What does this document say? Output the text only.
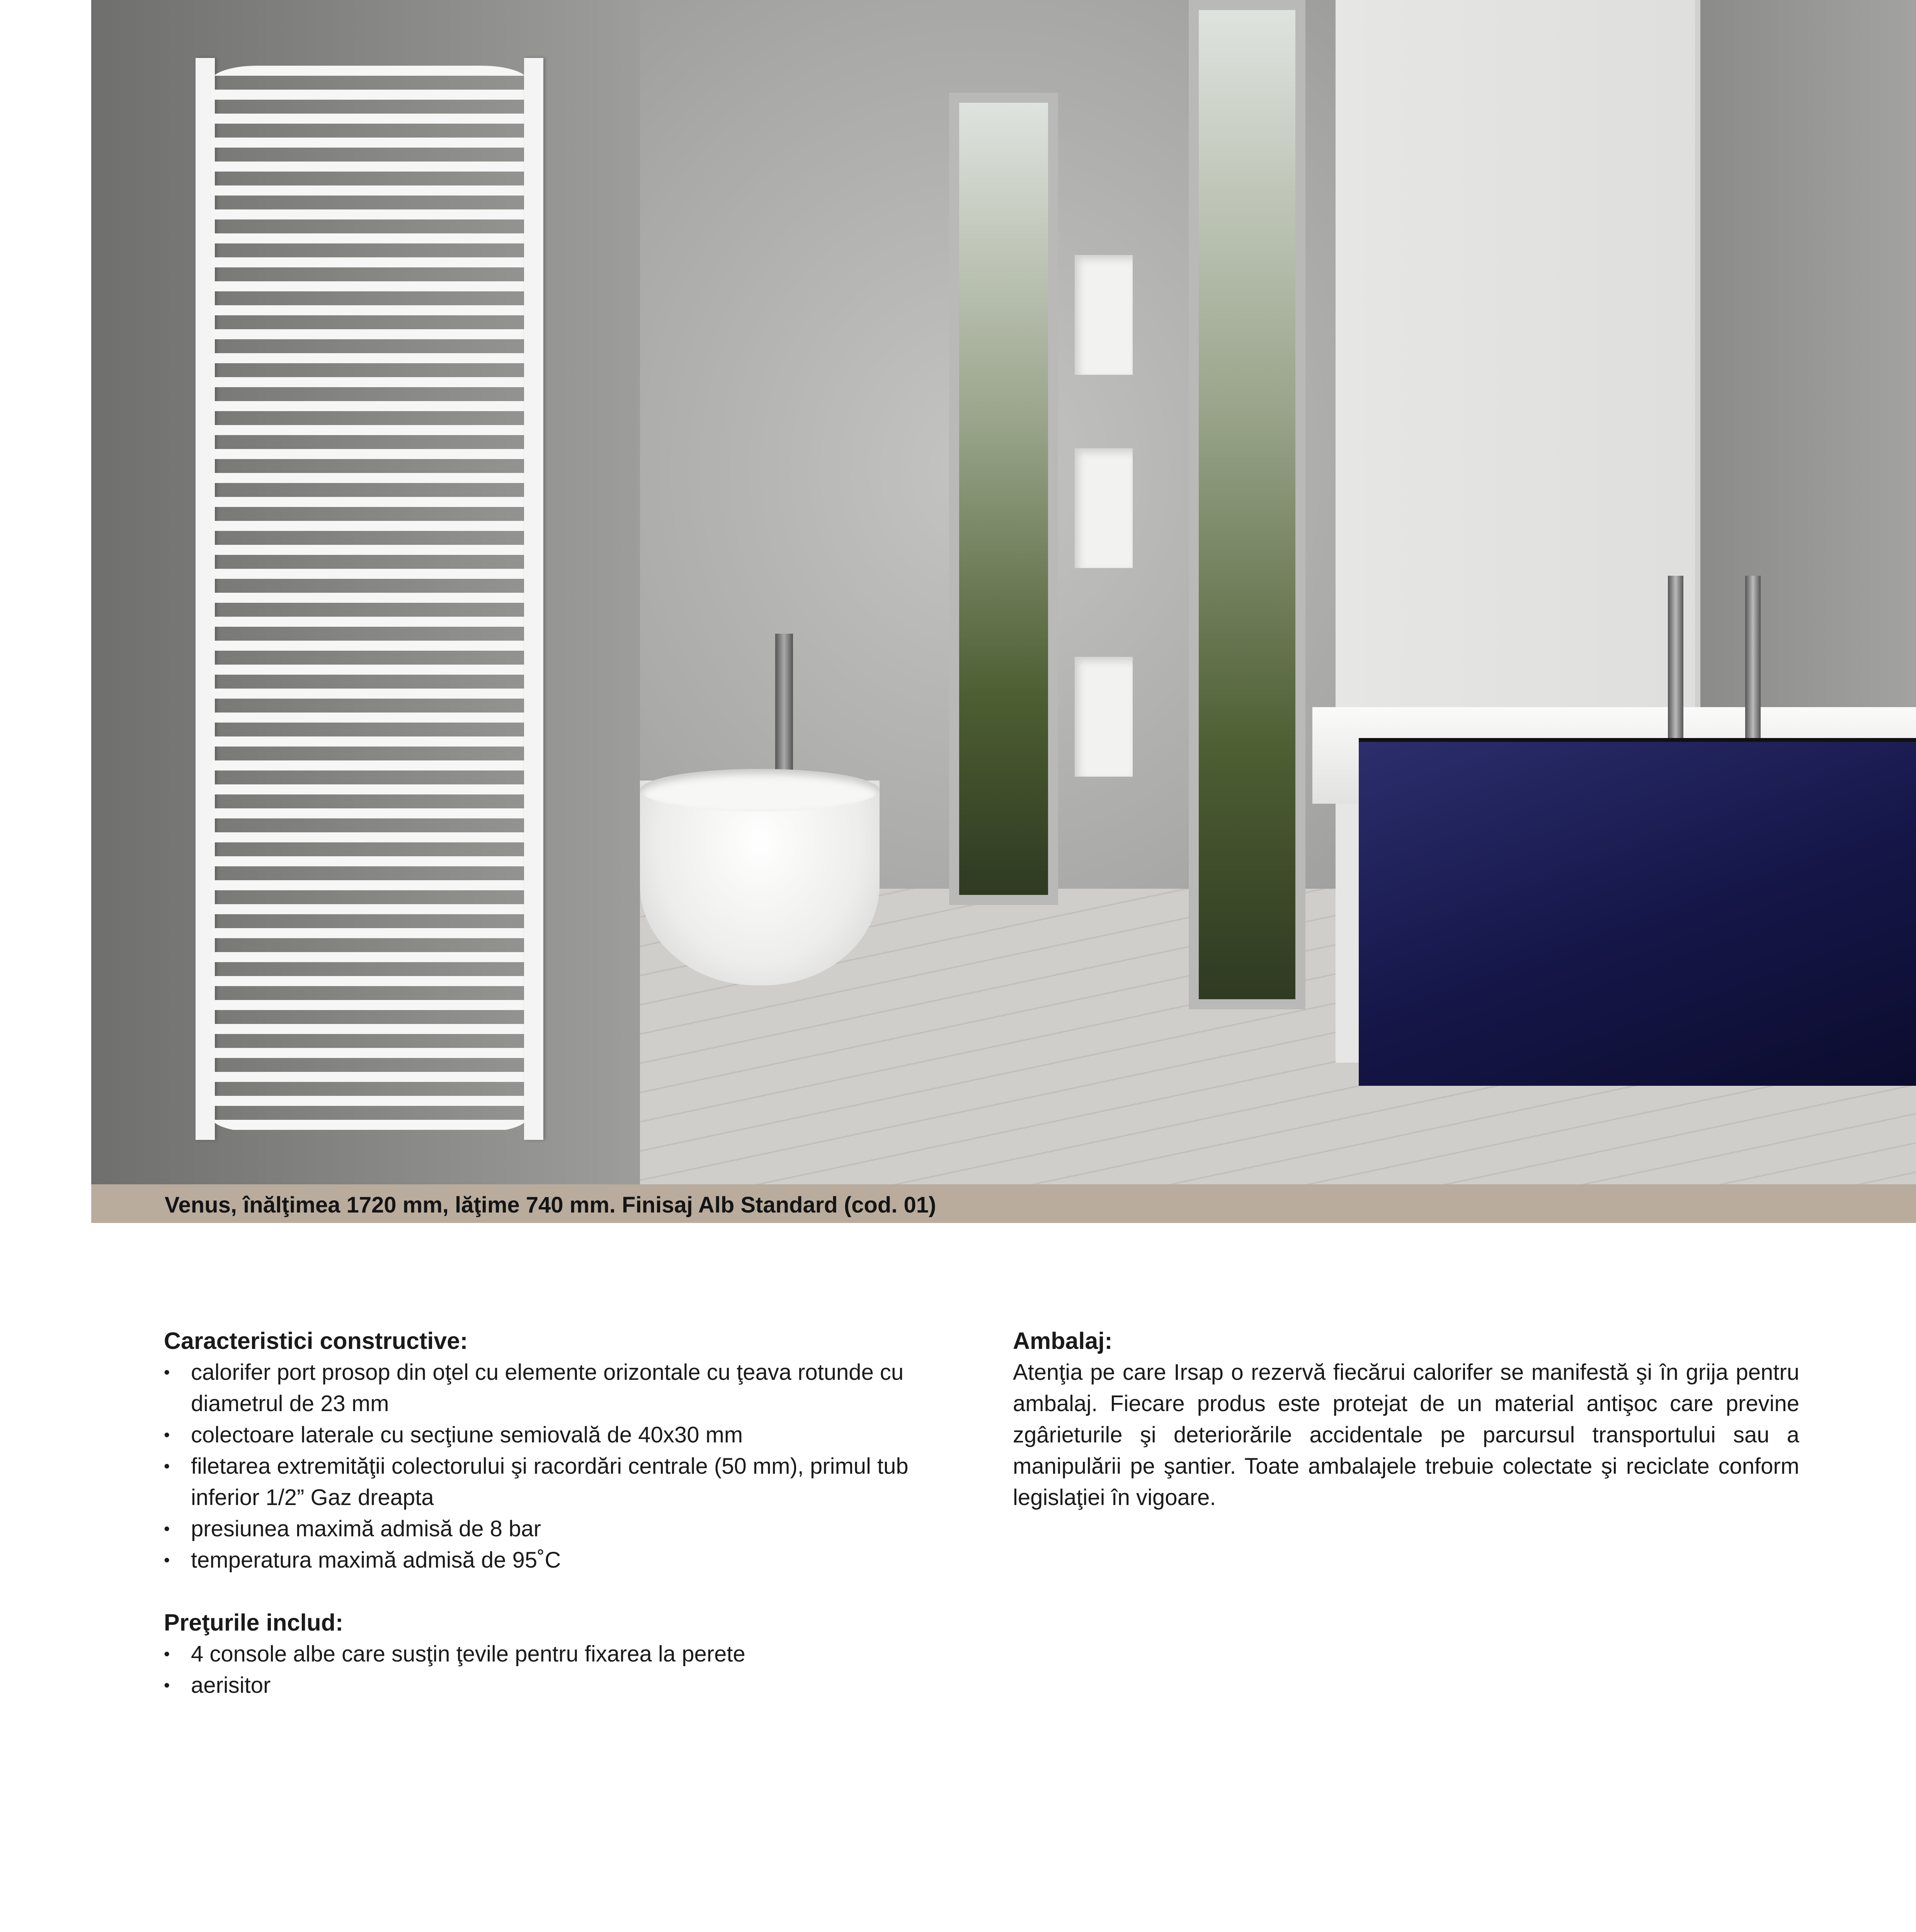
Venus, înălţimea 1720 mm, lăţime 740 mm. Finisaj Alb Standard (cod. 01)
Caracteristici constructive:
• calorifer port prosop din oţel cu elemente orizontale cu ţeava rotunde cu diametrul de 23 mm
• colectoare laterale cu secţiune semiovală de 40x30 mm
• filetarea extremităţii colectorului şi racordări centrale (50 mm), primul tub inferior 1/2” Gaz dreapta
• presiunea maximă admisă de 8 bar
• temperatura maximă admisă de 95˚C
Preţurile includ:
• 4 console albe care susţin ţevile pentru fixarea la perete
• aerisitor
Ambalaj:
Atenţia pe care Irsap o rezervă fiecărui calorifer se manifestă şi în grija pentru ambalaj. Fiecare produs este protejat de un material antişoc care previne zgârieturile şi deteriorările accidentale pe parcursul transportului sau a manipulării pe şantier. Toate ambalajele trebuie colectate şi reciclate conform legislaţiei în vigoare.
